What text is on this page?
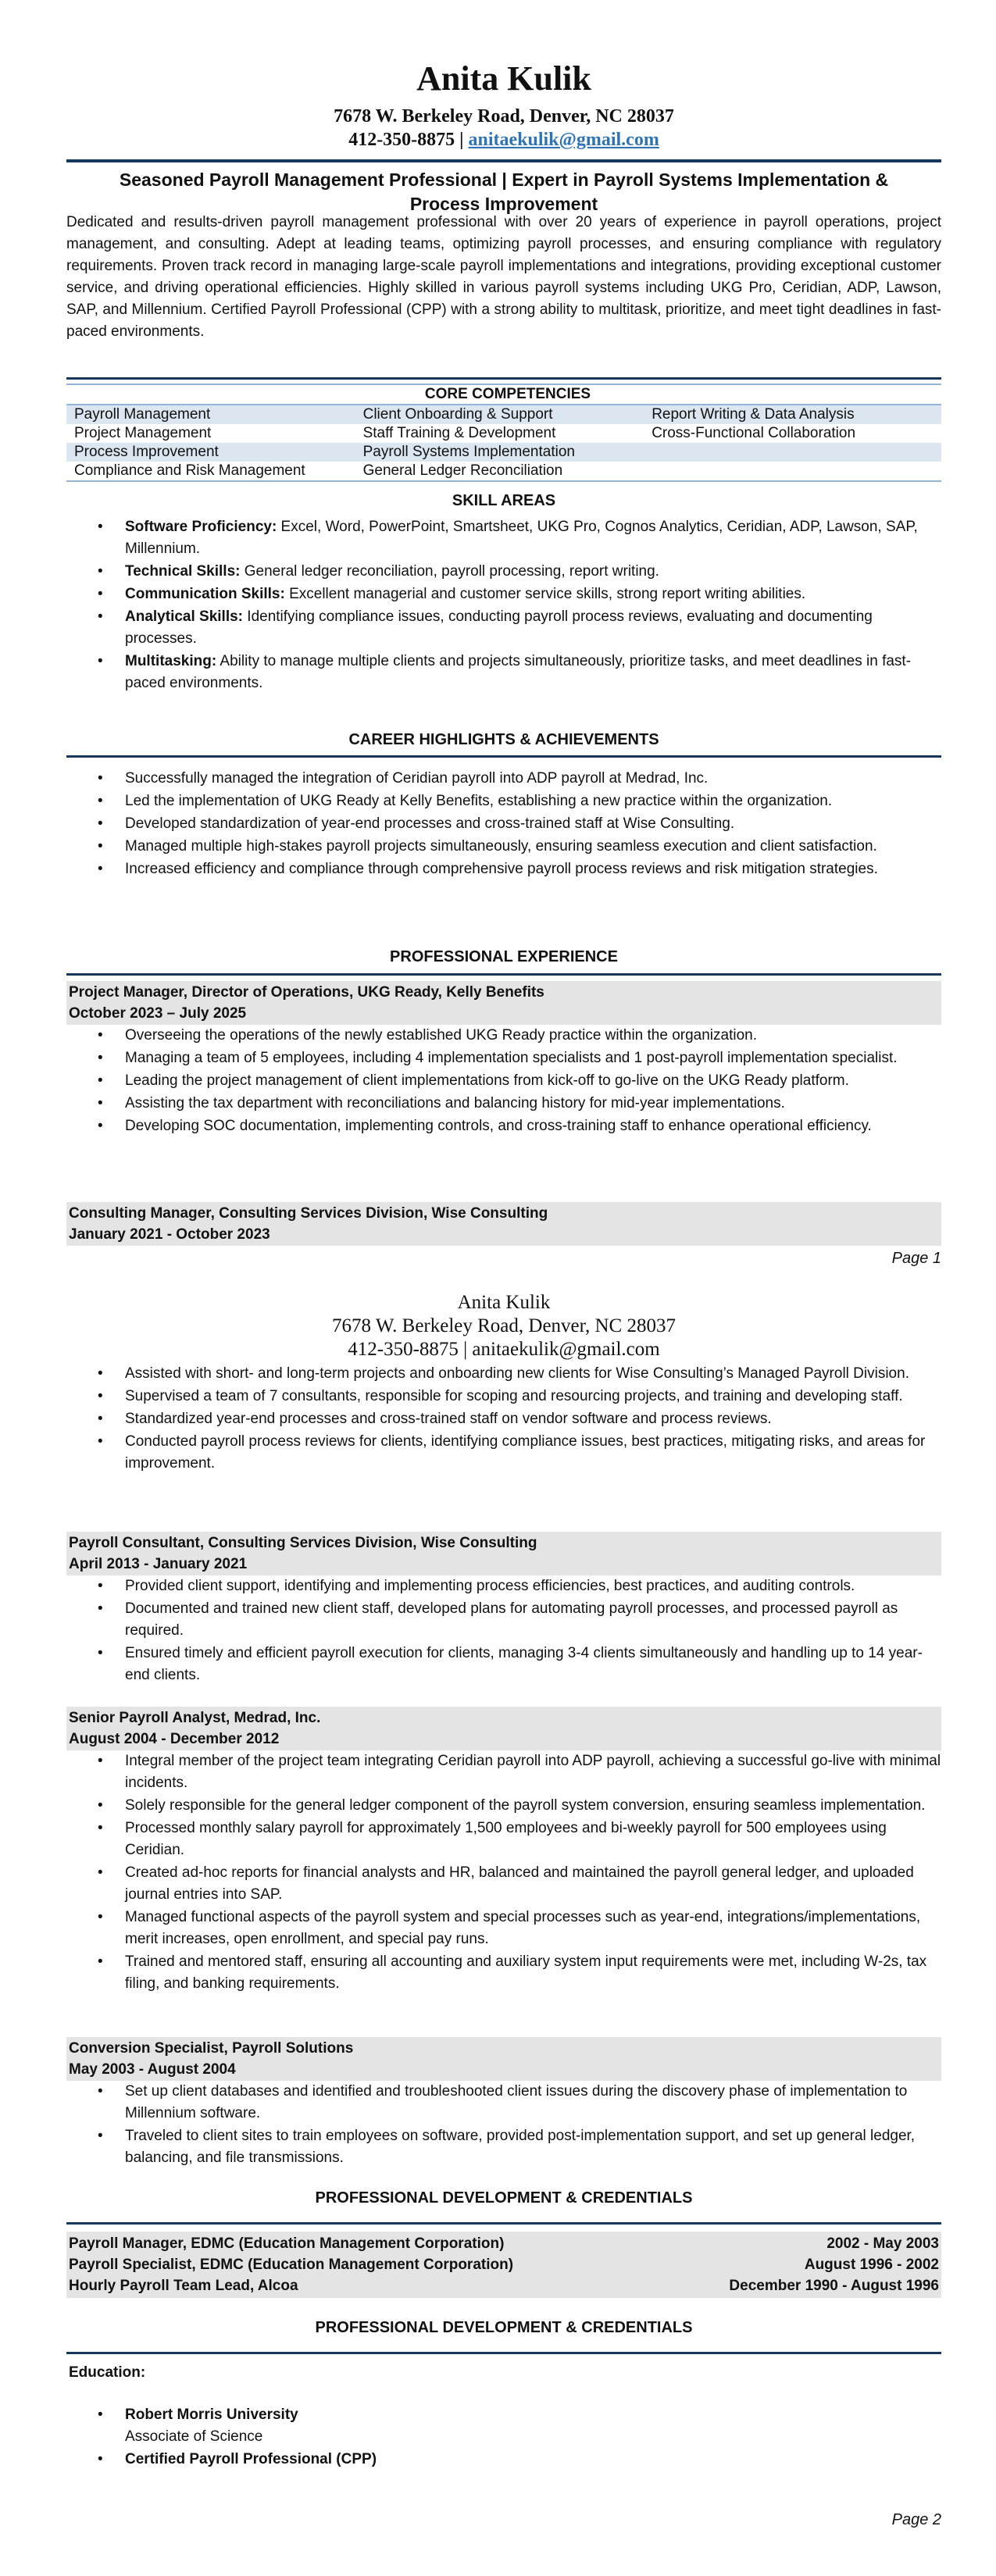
Anita Kulik
7678 W. Berkeley Road, Denver, NC 28037
412-350-8875 | anitaekulik@gmail.com
Seasoned Payroll Management Professional | Expert in Payroll Systems Implementation &
Process Improvement
Dedicated and results-driven payroll management professional with over 20 years of experience in payroll operations, project management, and consulting. Adept at leading teams, optimizing payroll processes, and ensuring compliance with regulatory requirements. Proven track record in managing large-scale payroll implementations and integrations, providing exceptional customer service, and driving operational efficiencies. Highly skilled in various payroll systems including UKG Pro, Ceridian, ADP, Lawson, SAP, and Millennium. Certified Payroll Professional (CPP) with a strong ability to multitask, prioritize, and meet tight deadlines in fast-paced environments.
CORE COMPETENCIES		
Payroll Management	Client Onboarding & Support	Report Writing & Data Analysis
Project Management	Staff Training & Development	Cross-Functional Collaboration
Process Improvement	Payroll Systems Implementation	
Compliance and Risk Management	General Ledger Reconciliation	
SKILL AREAS
• Software Proficiency: Excel, Word, PowerPoint, Smartsheet, UKG Pro, Cognos Analytics, Ceridian, ADP, Lawson, SAP, Millennium.
• Technical Skills: General ledger reconciliation, payroll processing, report writing.
• Communication Skills: Excellent managerial and customer service skills, strong report writing abilities.
• Analytical Skills: Identifying compliance issues, conducting payroll process reviews, evaluating and documenting processes.
• Multitasking: Ability to manage multiple clients and projects simultaneously, prioritize tasks, and meet deadlines in fast-paced environments.
CAREER HIGHLIGHTS & ACHIEVEMENTS
• Successfully managed the integration of Ceridian payroll into ADP payroll at Medrad, Inc.
• Led the implementation of UKG Ready at Kelly Benefits, establishing a new practice within the organization.
• Developed standardization of year-end processes and cross-trained staff at Wise Consulting.
• Managed multiple high-stakes payroll projects simultaneously, ensuring seamless execution and client satisfaction.
• Increased efficiency and compliance through comprehensive payroll process reviews and risk mitigation strategies.
PROFESSIONAL EXPERIENCE
Project Manager, Director of Operations, UKG Ready, Kelly Benefits
October 2023 – July 2025
• Overseeing the operations of the newly established UKG Ready practice within the organization.
• Managing a team of 5 employees, including 4 implementation specialists and 1 post-payroll implementation specialist.
• Leading the project management of client implementations from kick-off to go-live on the UKG Ready platform.
• Assisting the tax department with reconciliations and balancing history for mid-year implementations.
• Developing SOC documentation, implementing controls, and cross-training staff to enhance operational efficiency.
Consulting Manager, Consulting Services Division, Wise Consulting
January 2021 - October 2023
Page 1
Anita Kulik
7678 W. Berkeley Road, Denver, NC 28037
412-350-8875 | anitaekulik@gmail.com
• Assisted with short- and long-term projects and onboarding new clients for Wise Consulting’s Managed Payroll Division.
• Supervised a team of 7 consultants, responsible for scoping and resourcing projects, and training and developing staff.
• Standardized year-end processes and cross-trained staff on vendor software and process reviews.
• Conducted payroll process reviews for clients, identifying compliance issues, best practices, mitigating risks, and areas for improvement.
Payroll Consultant, Consulting Services Division, Wise Consulting
April 2013 - January 2021
• Provided client support, identifying and implementing process efficiencies, best practices, and auditing controls.
• Documented and trained new client staff, developed plans for automating payroll processes, and processed payroll as required.
• Ensured timely and efficient payroll execution for clients, managing 3-4 clients simultaneously and handling up to 14 year-end clients.
Senior Payroll Analyst, Medrad, Inc.
August 2004 - December 2012
• Integral member of the project team integrating Ceridian payroll into ADP payroll, achieving a successful go-live with minimal incidents.
• Solely responsible for the general ledger component of the payroll system conversion, ensuring seamless implementation.
• Processed monthly salary payroll for approximately 1,500 employees and bi-weekly payroll for 500 employees using Ceridian.
• Created ad-hoc reports for financial analysts and HR, balanced and maintained the payroll general ledger, and uploaded journal entries into SAP.
• Managed functional aspects of the payroll system and special processes such as year-end, integrations/implementations, merit increases, open enrollment, and special pay runs.
• Trained and mentored staff, ensuring all accounting and auxiliary system input requirements were met, including W-2s, tax filing, and banking requirements.
Conversion Specialist, Payroll Solutions
May 2003 - August 2004
• Set up client databases and identified and troubleshooted client issues during the discovery phase of implementation to Millennium software.
• Traveled to client sites to train employees on software, provided post-implementation support, and set up general ledger, balancing, and file transmissions.
PROFESSIONAL DEVELOPMENT & CREDENTIALS
Payroll Manager, EDMC (Education Management Corporation)	2002 - May 2003
Payroll Specialist, EDMC (Education Management Corporation)	August 1996 - 2002
Hourly Payroll Team Lead, Alcoa	December 1990 - August 1996
PROFESSIONAL DEVELOPMENT & CREDENTIALS
Education:
• Robert Morris University
Associate of Science
• Certified Payroll Professional (CPP)
Page 2
